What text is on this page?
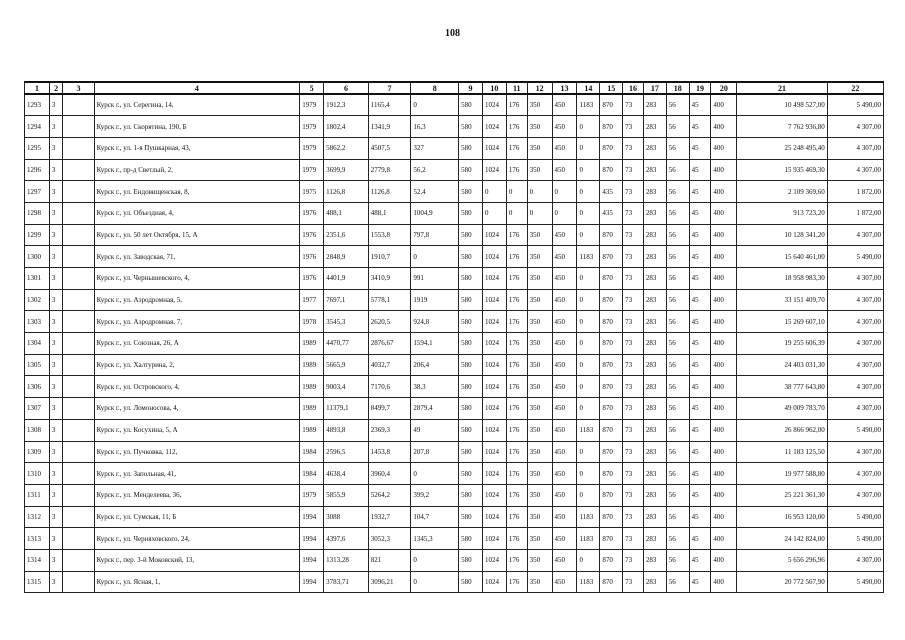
108
1	2	3	4	5	6	7	8	9	10	11	12	13	14	15	16	17	18	19	20	21	22
1293	3		Курск г., ул. Серегина, 14,	1979	1912,3	1165,4	0	580	1024	176	350	450	1183	870	73	283	56	45	400	10 498 527,00	5 490,00
1294	3		Курск г., ул. Скорятина, 190, Б	1979	1802,4	1341,9	16,3	580	1024	176	350	450	0	870	73	283	56	45	400	7 762 936,80	4 307,00
1295	3		Курск г., ул. 1-я Пушкарная, 43,	1979	5862,2	4507,5	327	580	1024	176	350	450	0	870	73	283	56	45	400	25 248 495,40	4 307,00
1296	3		Курск г., пр-д Светлый, 2,	1979	3699,9	2779,8	56,2	580	1024	176	350	450	0	870	73	283	56	45	400	15 935 469,30	4 307,00
1297	3		Курск г., ул. Ендовищенская, 8,	1975	1126,8	1126,8	52,4	580	0	0	0	0	0	435	73	283	56	45	400	2 109 369,60	1 872,00
1298	3		Курск г., ул. Объездная, 4,	1976	488,1	488,1	1004,9	580	0	0	0	0	0	435	73	283	56	45	400	913 723,20	1 872,00
1299	3		Курск г., ул. 50 лет Октября, 15, А	1976	2351,6	1553,8	797,8	580	1024	176	350	450	0	870	73	283	56	45	400	10 128 341,20	4 307,00
1300	3		Курск г., ул. Заводская, 71,	1976	2848,9	1910,7	0	580	1024	176	350	450	1183	870	73	283	56	45	400	15 640 461,00	5 490,00
1301	3		Курск г., ул. Чернышевского, 4,	1976	4401,9	3410,9	991	580	1024	176	350	450	0	870	73	283	56	45	400	18 958 983,30	4 307,00
1302	3		Курск г., ул. Аэродромная, 5,	1977	7697,1	5778,1	1919	580	1024	176	350	450	0	870	73	283	56	45	400	33 151 409,70	4 307,00
1303	3		Курск г., ул. Аэродромная, 7,	1978	3545,3	2620,5	924,8	580	1024	176	350	450	0	870	73	283	56	45	400	15 269 607,10	4 307,00
1304	3		Курск г., ул. Союзная, 26, А	1989	4470,77	2876,67	1594,1	580	1024	176	350	450	0	870	73	283	56	45	400	19 255 606,39	4 307,00
1305	3		Курск г., ул. Халтурина, 2,	1989	5665,9	4032,7	206,4	580	1024	176	350	450	0	870	73	283	56	45	400	24 403 031,30	4 307,00
1306	3		Курск г., ул. Островского, 4,	1989	9003,4	7170,6	38,3	580	1024	176	350	450	0	870	73	283	56	45	400	38 777 643,80	4 307,00
1307	3		Курск г., ул. Ломоносова, 4,	1989	11379,1	8499,7	2879,4	580	1024	176	350	450	0	870	73	283	56	45	400	49 009 783,70	4 307,00
1308	3		Курск г., ул. Косухина, 5, А	1989	4893,8	2369,3	49	580	1024	176	350	450	1183	870	73	283	56	45	400	26 866 962,00	5 490,00
1309	3		Курск г., ул. Пучковка, 112,	1984	2596,5	1453,8	207,8	580	1024	176	350	450	0	870	73	283	56	45	400	11 183 125,50	4 307,00
1310	3		Курск г., ул. Запольная, 41,	1984	4638,4	3960,4	0	580	1024	176	350	450	0	870	73	283	56	45	400	19 977 588,80	4 307,00
1311	3		Курск г., ул. Менделеева, 36,	1979	5855,9	5264,2	399,2	580	1024	176	350	450	0	870	73	283	56	45	400	25 221 361,30	4 307,00
1312	3		Курск г., ул. Сумская, 11, Б	1994	3088	1932,7	104,7	580	1024	176	350	450	1183	870	73	283	56	45	400	16 953 120,00	5 490,00
1313	3		Курск г., ул. Черняховского, 24,	1994	4397,6	3052,3	1345,3	580	1024	176	350	450	1183	870	73	283	56	45	400	24 142 824,00	5 490,00
1314	3		Курск г., пер. 3-й Моковский, 13,	1994	1313,28	821	0	580	1024	176	350	450	0	870	73	283	56	45	400	5 656 296,96	4 307,00
1315	3		Курск г., ул. Ясная, 1,	1994	3783,71	3096,21	0	580	1024	176	350	450	1183	870	73	283	56	45	400	20 772 567,90	5 490,00
